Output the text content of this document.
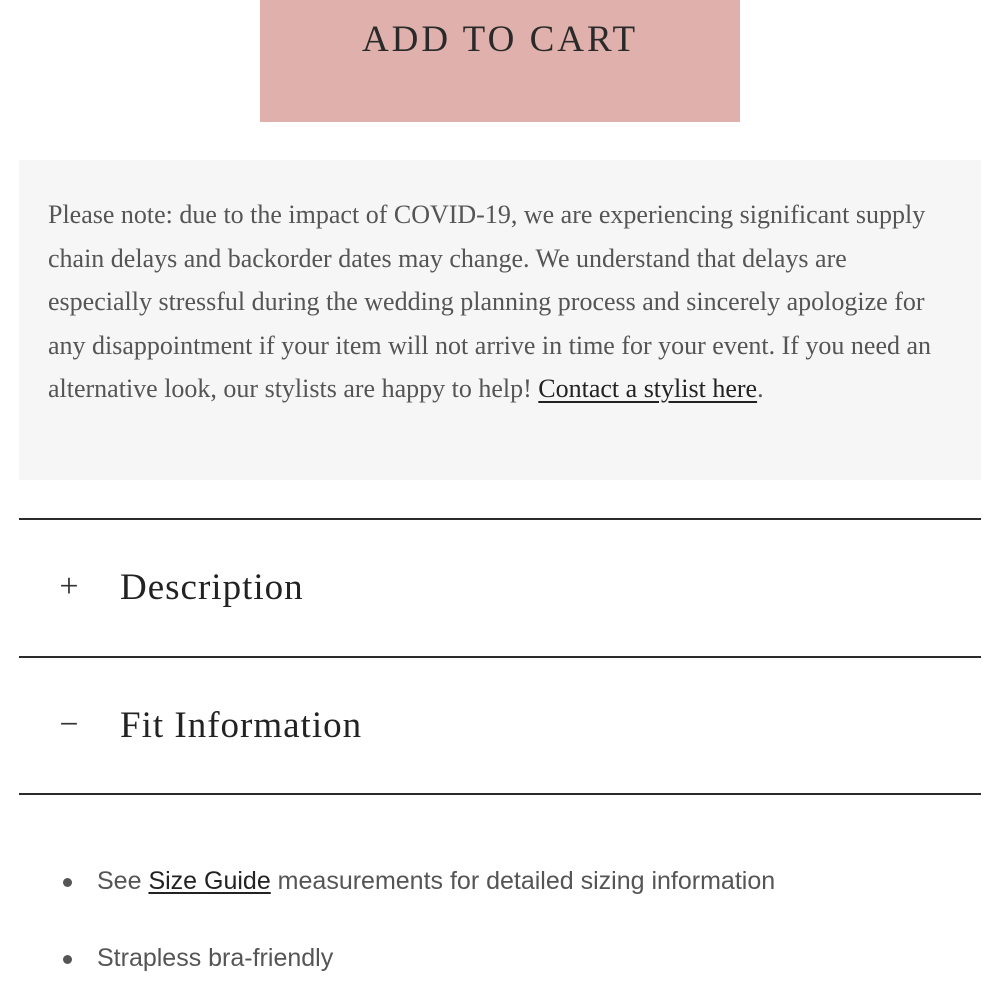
ADD TO CART
Please note: due to the impact of COVID-19, we are experiencing significant supply chain delays and backorder dates may change. We understand that delays are especially stressful during the wedding planning process and sincerely apologize for any disappointment if your item will not arrive in time for your event. If you need an alternative look, our stylists are happy to help! Contact a stylist here.
+ Description
− Fit Information
See Size Guide measurements for detailed sizing information
Strapless bra-friendly
